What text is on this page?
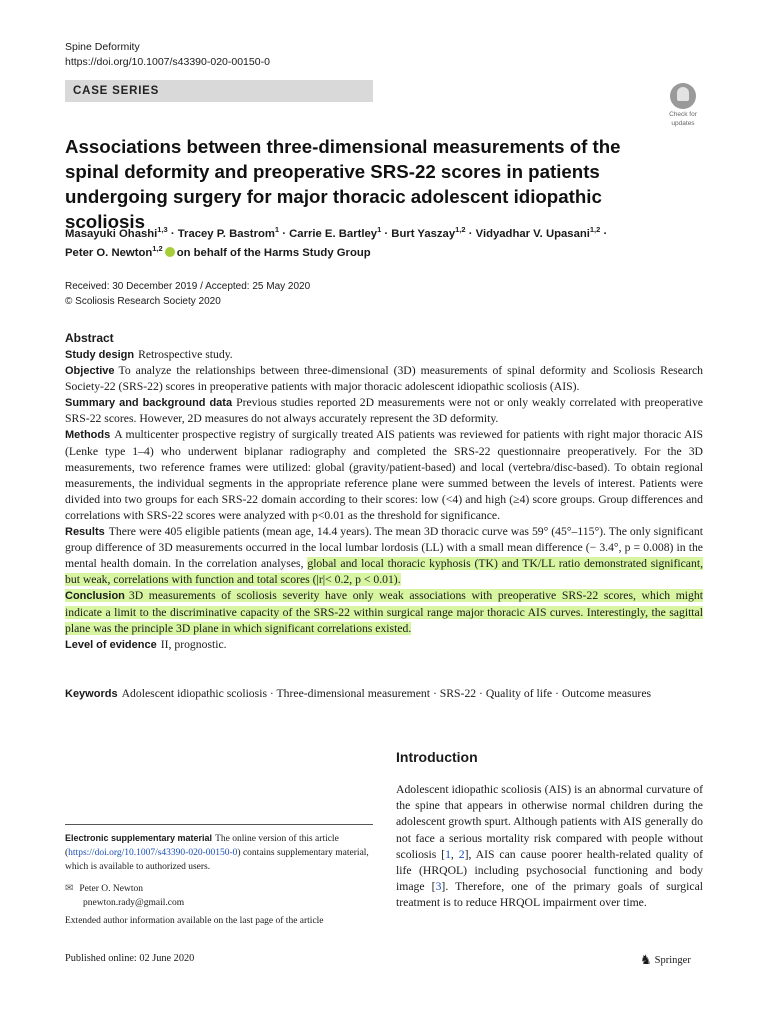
Spine Deformity
https://doi.org/10.1007/s43390-020-00150-0
CASE SERIES
Check for
updates
Associations between three-dimensional measurements of the spinal deformity and preoperative SRS-22 scores in patients undergoing surgery for major thoracic adolescent idiopathic scoliosis
Masayuki Ohashi$^{1,3}$ · Tracey P. Bastrom$^1$ · Carrie E. Bartley$^1$ · Burt Yaszay$^{1,2}$ · Vidyadhar V. Upasani$^{1,2}$ ·
Peter O. Newton$^{1,2}$ on behalf of the Harms Study Group
Received: 30 December 2019 / Accepted: 25 May 2020
© Scoliosis Research Society 2020
Abstract

Study design Retrospective study.

Objective To analyze the relationships between three-dimensional (3D) measurements of spinal deformity and Scoliosis Research Society-22 (SRS-22) scores in preoperative patients with major thoracic adolescent idiopathic scoliosis (AIS).

Summary and background data Previous studies reported 2D measurements were not or only weakly correlated with preoperative SRS-22 scores. However, 2D measures do not always accurately represent the 3D deformity.

Methods A multicenter prospective registry of surgically treated AIS patients was reviewed for patients with right major thoracic AIS (Lenke type 1–4) who underwent biplanar radiography and completed the SRS-22 questionnaire preoperatively. For the 3D measurements, two reference frames were utilized: global (gravity/patient-based) and local (vertebra/disc-based). To obtain regional measurements, the individual segments in the appropriate reference plane were summed between the levels of interest. Patients were divided into two groups for each SRS-22 domain according to their scores: low (<4) and high (≥4) score groups. Group differences and correlations with SRS-22 scores were analyzed with p<0.01 as the threshold for significance.

Results There were 405 eligible patients (mean age, 14.4 years). The mean 3D thoracic curve was 59° (45°–115°). The only significant group difference of 3D measurements occurred in the local lumbar lordosis (LL) with a small mean difference (− 3.4°, p = 0.008) in the mental health domain. In the correlation analyses, global and local thoracic kyphosis (TK) and TK/LL ratio demonstrated significant, but weak, correlations with function and total scores (|r|< 0.2, p < 0.01).

Conclusion 3D measurements of scoliosis severity have only weak associations with preoperative SRS-22 scores, which might indicate a limit to the discriminative capacity of the SRS-22 within surgical range major thoracic AIS curves. Interestingly, the sagittal plane was the principle 3D plane in which significant correlations existed.

Level of evidence II, prognostic.

Keywords Adolescent idiopathic scoliosis · Three-dimensional measurement · SRS-22 · Quality of life · Outcome measures
Introduction

Adolescent idiopathic scoliosis (AIS) is an abnormal curvature of the spine that appears in otherwise normal children during the adolescent growth spurt. Although patients with AIS generally do not face a serious mortality risk compared with people without scoliosis [1, 2], AIS can cause poorer health-related quality of life (HRQOL) including psychosocial functioning and body image [3]. Therefore, one of the primary goals of surgical treatment is to reduce HRQOL impairment over time.

Electronic supplementary material The online version of this article (https://doi.org/10.1007/s43390-020-00150-0) contains supplementary material, which is available to authorized users.
✉ Peter O. Newton
pnewton.rady@gmail.com
Extended author information available on the last page of the article
Published online: 02 June 2020	♞ Springer
